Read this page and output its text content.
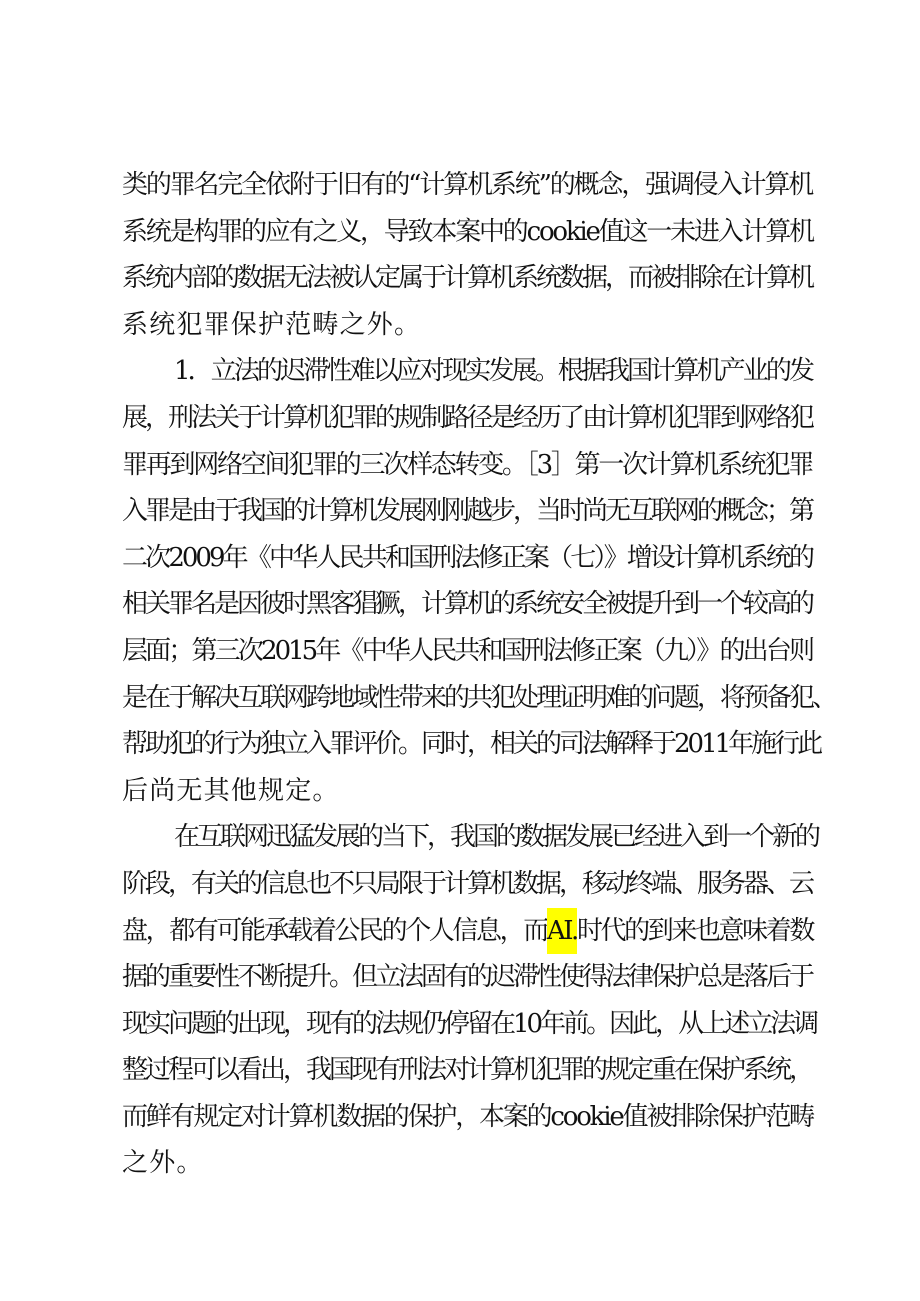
类的罪名完全依附于旧有的“计算机系统”的概念，强调侵入计算机
系统是构罪的应有之义，导致本案中的cookie值这一未进入计算机
系统内部的数据无法被认定属于计算机系统数据，而被排除在计算机
系统犯罪保护范畴之外。
1．立法的迟滞性难以应对现实发展。根据我国计算机产业的发
展，刑法关于计算机犯罪的规制路径是经历了由计算机犯罪到网络犯
罪再到网络空间犯罪的三次样态转变。［3］第一次计算机系统犯罪
入罪是由于我国的计算机发展刚刚越步，当时尚无互联网的概念；第
二次2009年《中华人民共和国刑法修正案（七）》增设计算机系统的
相关罪名是因彼时黑客猖獗，计算机的系统安全被提升到一个较高的
层面；第三次2015年《中华人民共和国刑法修正案（九）》的出台则
是在于解决互联网跨地域性带来的共犯处理证明难的问题，将预备犯、
帮助犯的行为独立入罪评价。同时，相关的司法解释于2011年施行此
后尚无其他规定。
在互联网迅猛发展的当下，我国的数据发展已经进入到一个新的
阶段，有关的信息也不只局限于计算机数据，移动终端、服务器、云
盘，都有可能承载着公民的个人信息，而 AI. 时代的到来也意味着数
据的重要性不断提升。但立法固有的迟滞性使得法律保护总是落后于
现实问题的出现，现有的法规仍停留在10年前。因此，从上述立法调
整过程可以看出，我国现有刑法对计算机犯罪的规定重在保护系统，
而鲜有规定对计算机数据的保护，本案的cookie值被排除保护范畴
之外。
